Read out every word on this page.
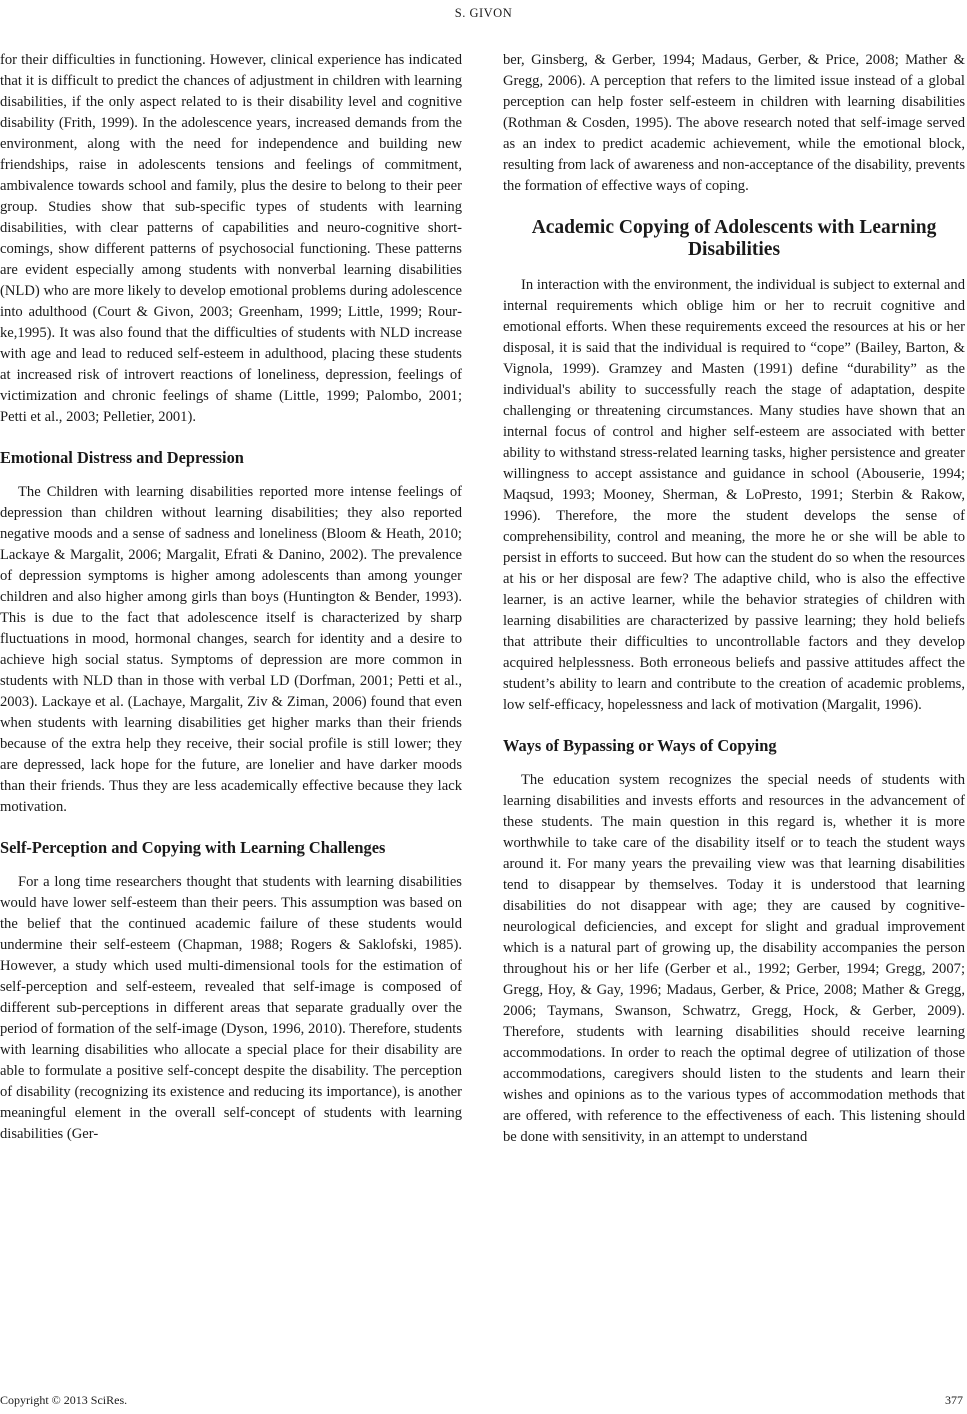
S. GIVON

for their difficulties in functioning. However, clinical experience has indicated that it is difficult to predict the chances of adjustment in children with learning disabilities, if the only aspect related to is their disability level and cognitive disability (Frith, 1999). In the adolescence years, increased demands from the environment, along with the need for independence and building new friendships, raise in adolescents tensions and feelings of commitment, ambivalence towards school and family, plus the desire to belong to their peer group. Studies show that sub-specific types of students with learning disabilities, with clear patterns of capabilities and neuro-cognitive shortcomings, show different patterns of psychosocial functioning. These patterns are evident especially among students with nonverbal learning disabilities (NLD) who are more likely to develop emotional problems during adolescence into adulthood (Court & Givon, 2003; Greenham, 1999; Little, 1999; Rourke,1995). It was also found that the difficulties of students with NLD increase with age and lead to reduced self-esteem in adulthood, placing these students at increased risk of introvert reactions of loneliness, depression, feelings of victimization and chronic feelings of shame (Little, 1999; Palombo, 2001; Petti et al., 2003; Pelletier, 2001).

Emotional Distress and Depression

The Children with learning disabilities reported more intense feelings of depression than children without learning disabilities; they also reported negative moods and a sense of sadness and loneliness (Bloom & Heath, 2010; Lackaye & Margalit, 2006; Margalit, Efrati & Danino, 2002). The prevalence of depression symptoms is higher among adolescents than among younger children and also higher among girls than boys (Huntington & Bender, 1993). This is due to the fact that adolescence itself is characterized by sharp fluctuations in mood, hormonal changes, search for identity and a desire to achieve high social status. Symptoms of depression are more common in students with NLD than in those with verbal LD (Dorfman, 2001; Petti et al., 2003). Lackaye et al. (Lachaye, Margalit, Ziv & Ziman, 2006) found that even when students with learning disabilities get higher marks than their friends because of the extra help they receive, their social profile is still lower; they are depressed, lack hope for the future, are lonelier and have darker moods than their friends. Thus they are less academically effective because they lack motivation.

Self-Perception and Copying with Learning Challenges

For a long time researchers thought that students with learning disabilities would have lower self-esteem than their peers. This assumption was based on the belief that the continued academic failure of these students would undermine their self-esteem (Chapman, 1988; Rogers & Saklofski, 1985). However, a study which used multi-dimensional tools for the estimation of self-perception and self-esteem, revealed that self-image is composed of different sub-perceptions in different areas that separate gradually over the period of formation of the self-image (Dyson, 1996, 2010). Therefore, students with learning disabilities who allocate a special place for their disability are able to formulate a positive self-concept despite the disability. The perception of disability (recognizing its existence and reducing its importance), is another meaningful element in the overall self-concept of students with learning disabilities (Ger-

ber, Ginsberg, & Gerber, 1994; Madaus, Gerber, & Price, 2008; Mather & Gregg, 2006). A perception that refers to the limited issue instead of a global perception can help foster self-esteem in children with learning disabilities (Rothman & Cosden, 1995). The above research noted that self-image served as an index to predict academic achievement, while the emotional block, resulting from lack of awareness and non-acceptance of the disability, prevents the formation of effective ways of coping.

Academic Copying of Adolescents with Learning Disabilities

In interaction with the environment, the individual is subject to external and internal requirements which oblige him or her to recruit cognitive and emotional efforts. When these requirements exceed the resources at his or her disposal, it is said that the individual is required to “cope” (Bailey, Barton, & Vignola, 1999). Gramzey and Masten (1991) define “durability” as the individual's ability to successfully reach the stage of adaptation, despite challenging or threatening circumstances. Many studies have shown that an internal focus of control and higher self-esteem are associated with better ability to withstand stress-related learning tasks, higher persistence and greater willingness to accept assistance and guidance in school (Abouserie, 1994; Maqsud, 1993; Mooney, Sherman, & LoPresto, 1991; Sterbin & Rakow, 1996). Therefore, the more the student develops the sense of comprehensibility, control and meaning, the more he or she will be able to persist in efforts to succeed. But how can the student do so when the resources at his or her disposal are few? The adaptive child, who is also the effective learner, is an active learner, while the behavior strategies of children with learning disabilities are characterized by passive learning; they hold beliefs that attribute their difficulties to uncontrollable factors and they develop acquired helplessness. Both erroneous beliefs and passive attitudes affect the student’s ability to learn and contribute to the creation of academic problems, low self-efficacy, hopelessness and lack of motivation (Margalit, 1996).

Ways of Bypassing or Ways of Copying

The education system recognizes the special needs of students with learning disabilities and invests efforts and resources in the advancement of these students. The main question in this regard is, whether it is more worthwhile to take care of the disability itself or to teach the student ways around it. For many years the prevailing view was that learning disabilities tend to disappear by themselves. Today it is understood that learning disabilities do not disappear with age; they are caused by cognitive-neurological deficiencies, and except for slight and gradual improvement which is a natural part of growing up, the disability accompanies the person throughout his or her life (Gerber et al., 1992; Gerber, 1994; Gregg, 2007; Gregg, Hoy, & Gay, 1996; Madaus, Gerber, & Price, 2008; Mather & Gregg, 2006; Taymans, Swanson, Schwatrz, Gregg, Hock, & Gerber, 2009). Therefore, students with learning disabilities should receive learning accommodations. In order to reach the optimal degree of utilization of those accommodations, caregivers should listen to the students and learn their wishes and opinions as to the various types of accommodation methods that are offered, with reference to the effectiveness of each. This listening should be done with sensitivity, in an attempt to understand

Copyright © 2013 SciRes.	377
